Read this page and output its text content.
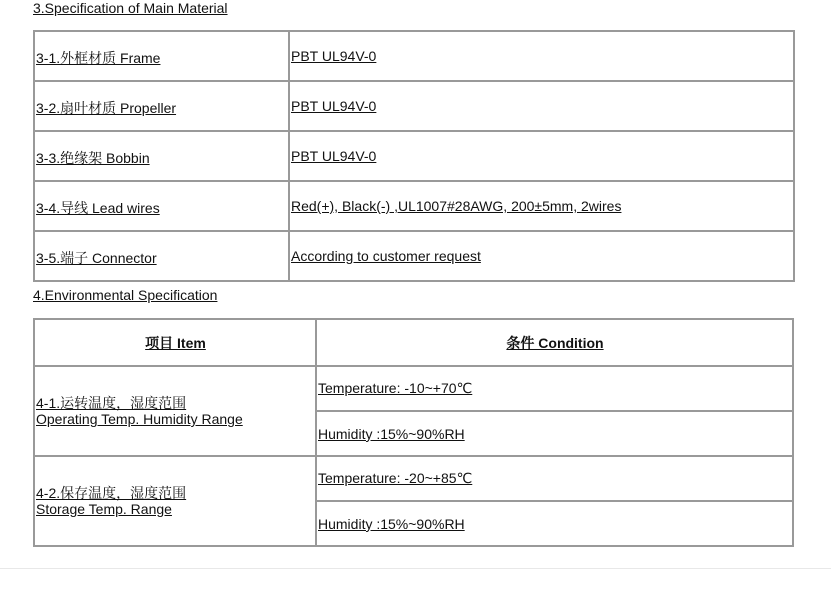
3.Specification of Main Material
3-1.外框材质 Frame	PBT UL94V-0
3-2.扇叶材质 Propeller	PBT UL94V-0
3-3.绝缘架 Bobbin	PBT UL94V-0
3-4.导线 Lead wires	Red(+), Black(-) ,UL1007#28AWG, 200±5mm, 2wires
3-5.端子 Connector	According to customer request
4.Environmental Specification
项目 Item	条件 Condition
4-1.运转温度，湿度范围
Operating Temp. Humidity Range	Temperature: -10~+70℃
	Humidity :15%~90%RH
4-2.保存温度，湿度范围
Storage Temp. Range	Temperature: -20~+85℃
	Humidity :15%~90%RH
